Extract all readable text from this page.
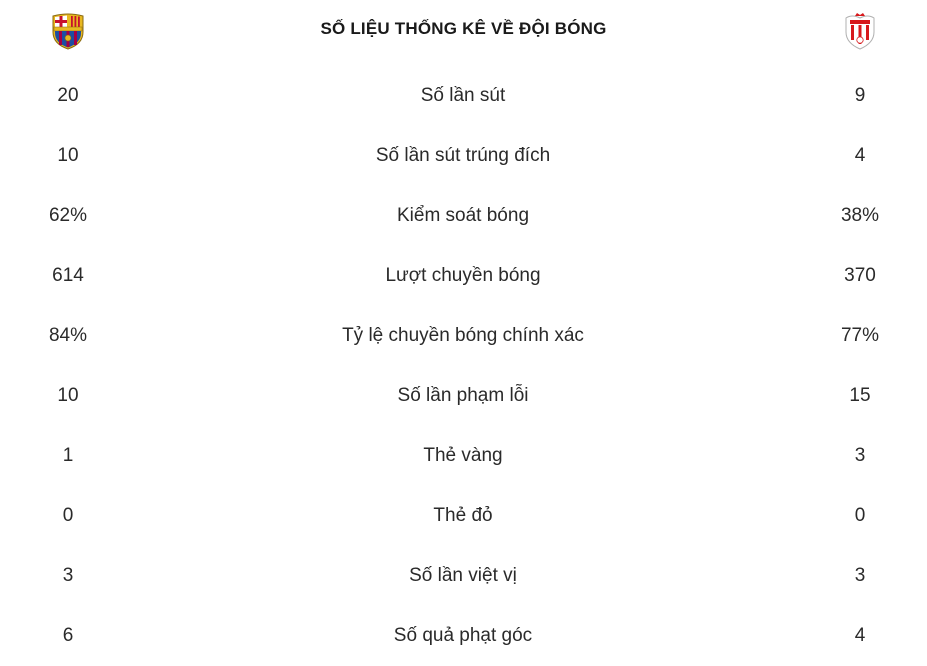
SỐ LIỆU THỐNG KÊ VỀ ĐỘI BÓNG
20	Số lần sút	9
10	Số lần sút trúng đích	4
62%	Kiểm soát bóng	38%
614	Lượt chuyền bóng	370
84%	Tỷ lệ chuyền bóng chính xác	77%
10	Số lần phạm lỗi	15
1	Thẻ vàng	3
0	Thẻ đỏ	0
3	Số lần việt vị	3
6	Số quả phạt góc	4
